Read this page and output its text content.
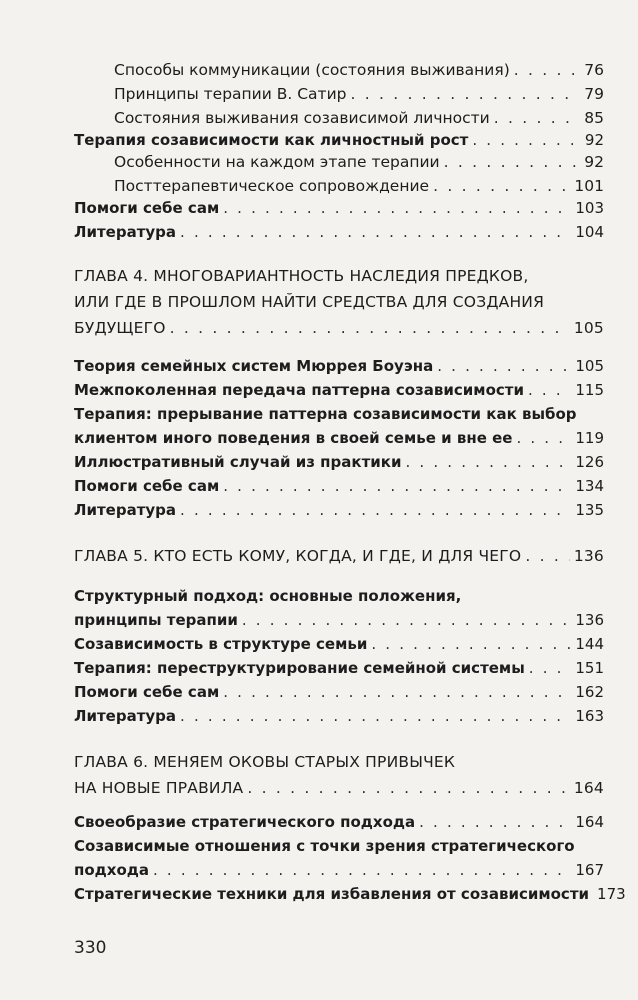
Способы коммуникации (состояния выживания) . . .	76
Принципы терапии В. Сатир . . .	79
Состояния выживания созависимой личности . . .	85
Терапия созависимости как личностный рост . . .	92
Особенности на каждом этапе терапии . . .	92
Посттерапевтическое сопровождение . . .	101
Помоги себе сам . . .	103
Литература . . .	104
ГЛАВА 4. МНОГОВАРИАНТНОСТЬ НАСЛЕДИЯ ПРЕДКОВ,
ИЛИ ГДЕ В ПРОШЛОМ НАЙТИ СРЕДСТВА ДЛЯ СОЗДАНИЯ
БУДУЩЕГО . . .	105
Теория семейных систем Мюррея Боуэна . . .	105
Межпоколенная передача паттерна созависимости . . .	115
Терапия: прерывание паттерна созависимости как выбор
клиентом иного поведения в своей семье и вне ее . . .	119
Иллюстративный случай из практики . . .	126
Помоги себе сам . . .	134
Литература . . .	135
ГЛАВА 5. КТО ЕСТЬ КОМУ, КОГДА, И ГДЕ, И ДЛЯ ЧЕГО . . .	136
Структурный подход: основные положения,
принципы терапии . . .	136
Созависимость в структуре семьи . . .	144
Терапия: переструктурирование семейной системы . . .	151
Помоги себе сам . . .	162
Литература . . .	163
ГЛАВА 6. МЕНЯЕМ ОКОВЫ СТАРЫХ ПРИВЫЧЕК
НА НОВЫЕ ПРАВИЛА . . .	164
Своеобразие стратегического подхода . . .	164
Созависимые отношения с точки зрения стратегического
подхода . . .	167
Стратегические техники для избавления от созависимости 173
330
